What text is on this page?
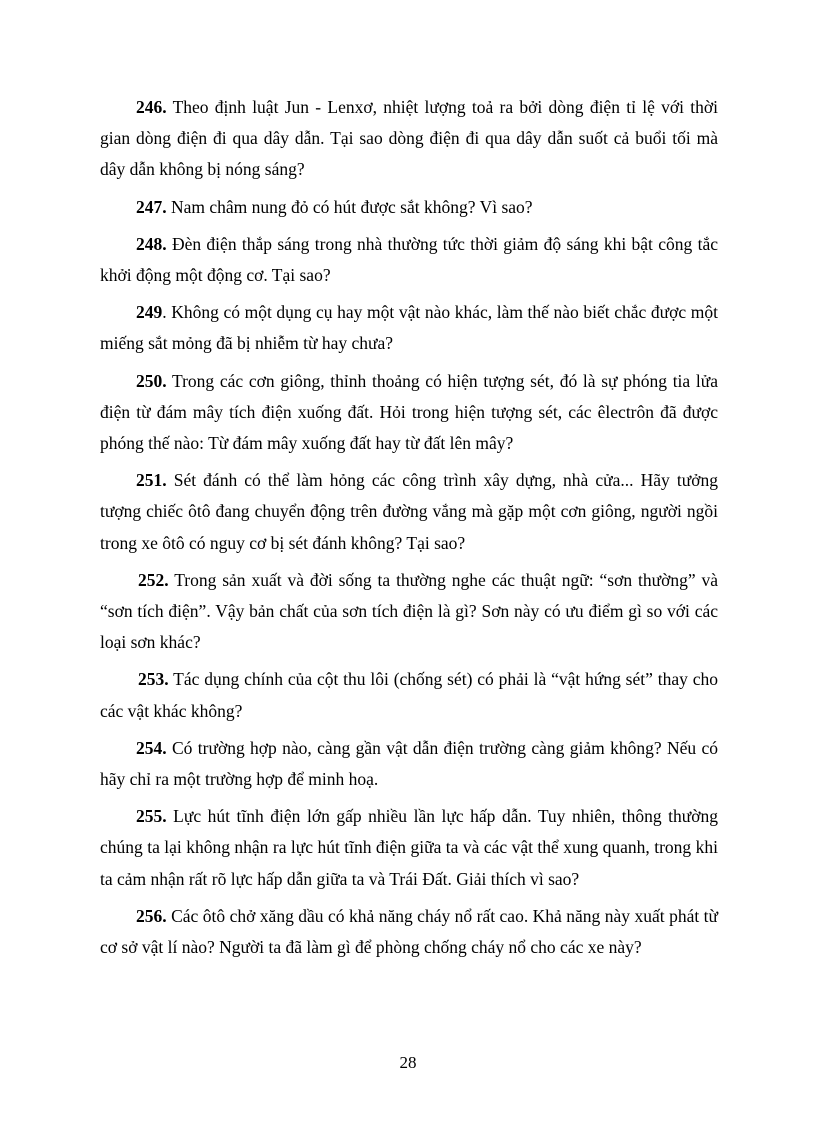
246. Theo định luật Jun - Lenxơ, nhiệt lượng toả ra bởi dòng điện tỉ lệ với thời gian dòng điện đi qua dây dẫn. Tại sao dòng điện đi qua dây dẫn suốt cả buổi tối mà dây dẫn không bị nóng sáng?

247. Nam châm nung đỏ có hút được sắt không? Vì sao?

248. Đèn điện thắp sáng trong nhà thường tức thời giảm độ sáng khi bật công tắc khởi động một động cơ. Tại sao?

249. Không có một dụng cụ hay một vật nào khác, làm thế nào biết chắc được một miếng sắt mỏng đã bị nhiễm từ hay chưa?

250. Trong các cơn giông, thỉnh thoảng có hiện tượng sét, đó là sự phóng tia lửa điện từ đám mây tích điện xuống đất. Hỏi trong hiện tượng sét, các êlectrôn đã được phóng thế nào: Từ đám mây xuống đất hay từ đất lên mây?

251. Sét đánh có thể làm hỏng các công trình xây dựng, nhà cửa... Hãy tưởng tượng chiếc ôtô đang chuyển động trên đường vắng mà gặp một cơn giông, người ngồi trong xe ôtô có nguy cơ bị sét đánh không? Tại sao?

252. Trong sản xuất và đời sống ta thường nghe các thuật ngữ: “sơn thường” và “sơn tích điện”. Vậy bản chất của sơn tích điện là gì? Sơn này có ưu điểm gì so với các loại sơn khác?

253. Tác dụng chính của cột thu lôi (chống sét) có phải là “vật hứng sét” thay cho các vật khác không?

254. Có trường hợp nào, càng gần vật dẫn điện trường càng giảm không? Nếu có hãy chỉ ra một trường hợp để minh hoạ.

255. Lực hút tĩnh điện lớn gấp nhiều lần lực hấp dẫn. Tuy nhiên, thông thường chúng ta lại không nhận ra lực hút tĩnh điện giữa ta và các vật thể xung quanh, trong khi ta cảm nhận rất rõ lực hấp dẫn giữa ta và Trái Đất. Giải thích vì sao?

256. Các ôtô chở xăng dầu có khả năng cháy nổ rất cao. Khả năng này xuất phát từ cơ sở vật lí nào? Người ta đã làm gì để phòng chống cháy nổ cho các xe này?

28
